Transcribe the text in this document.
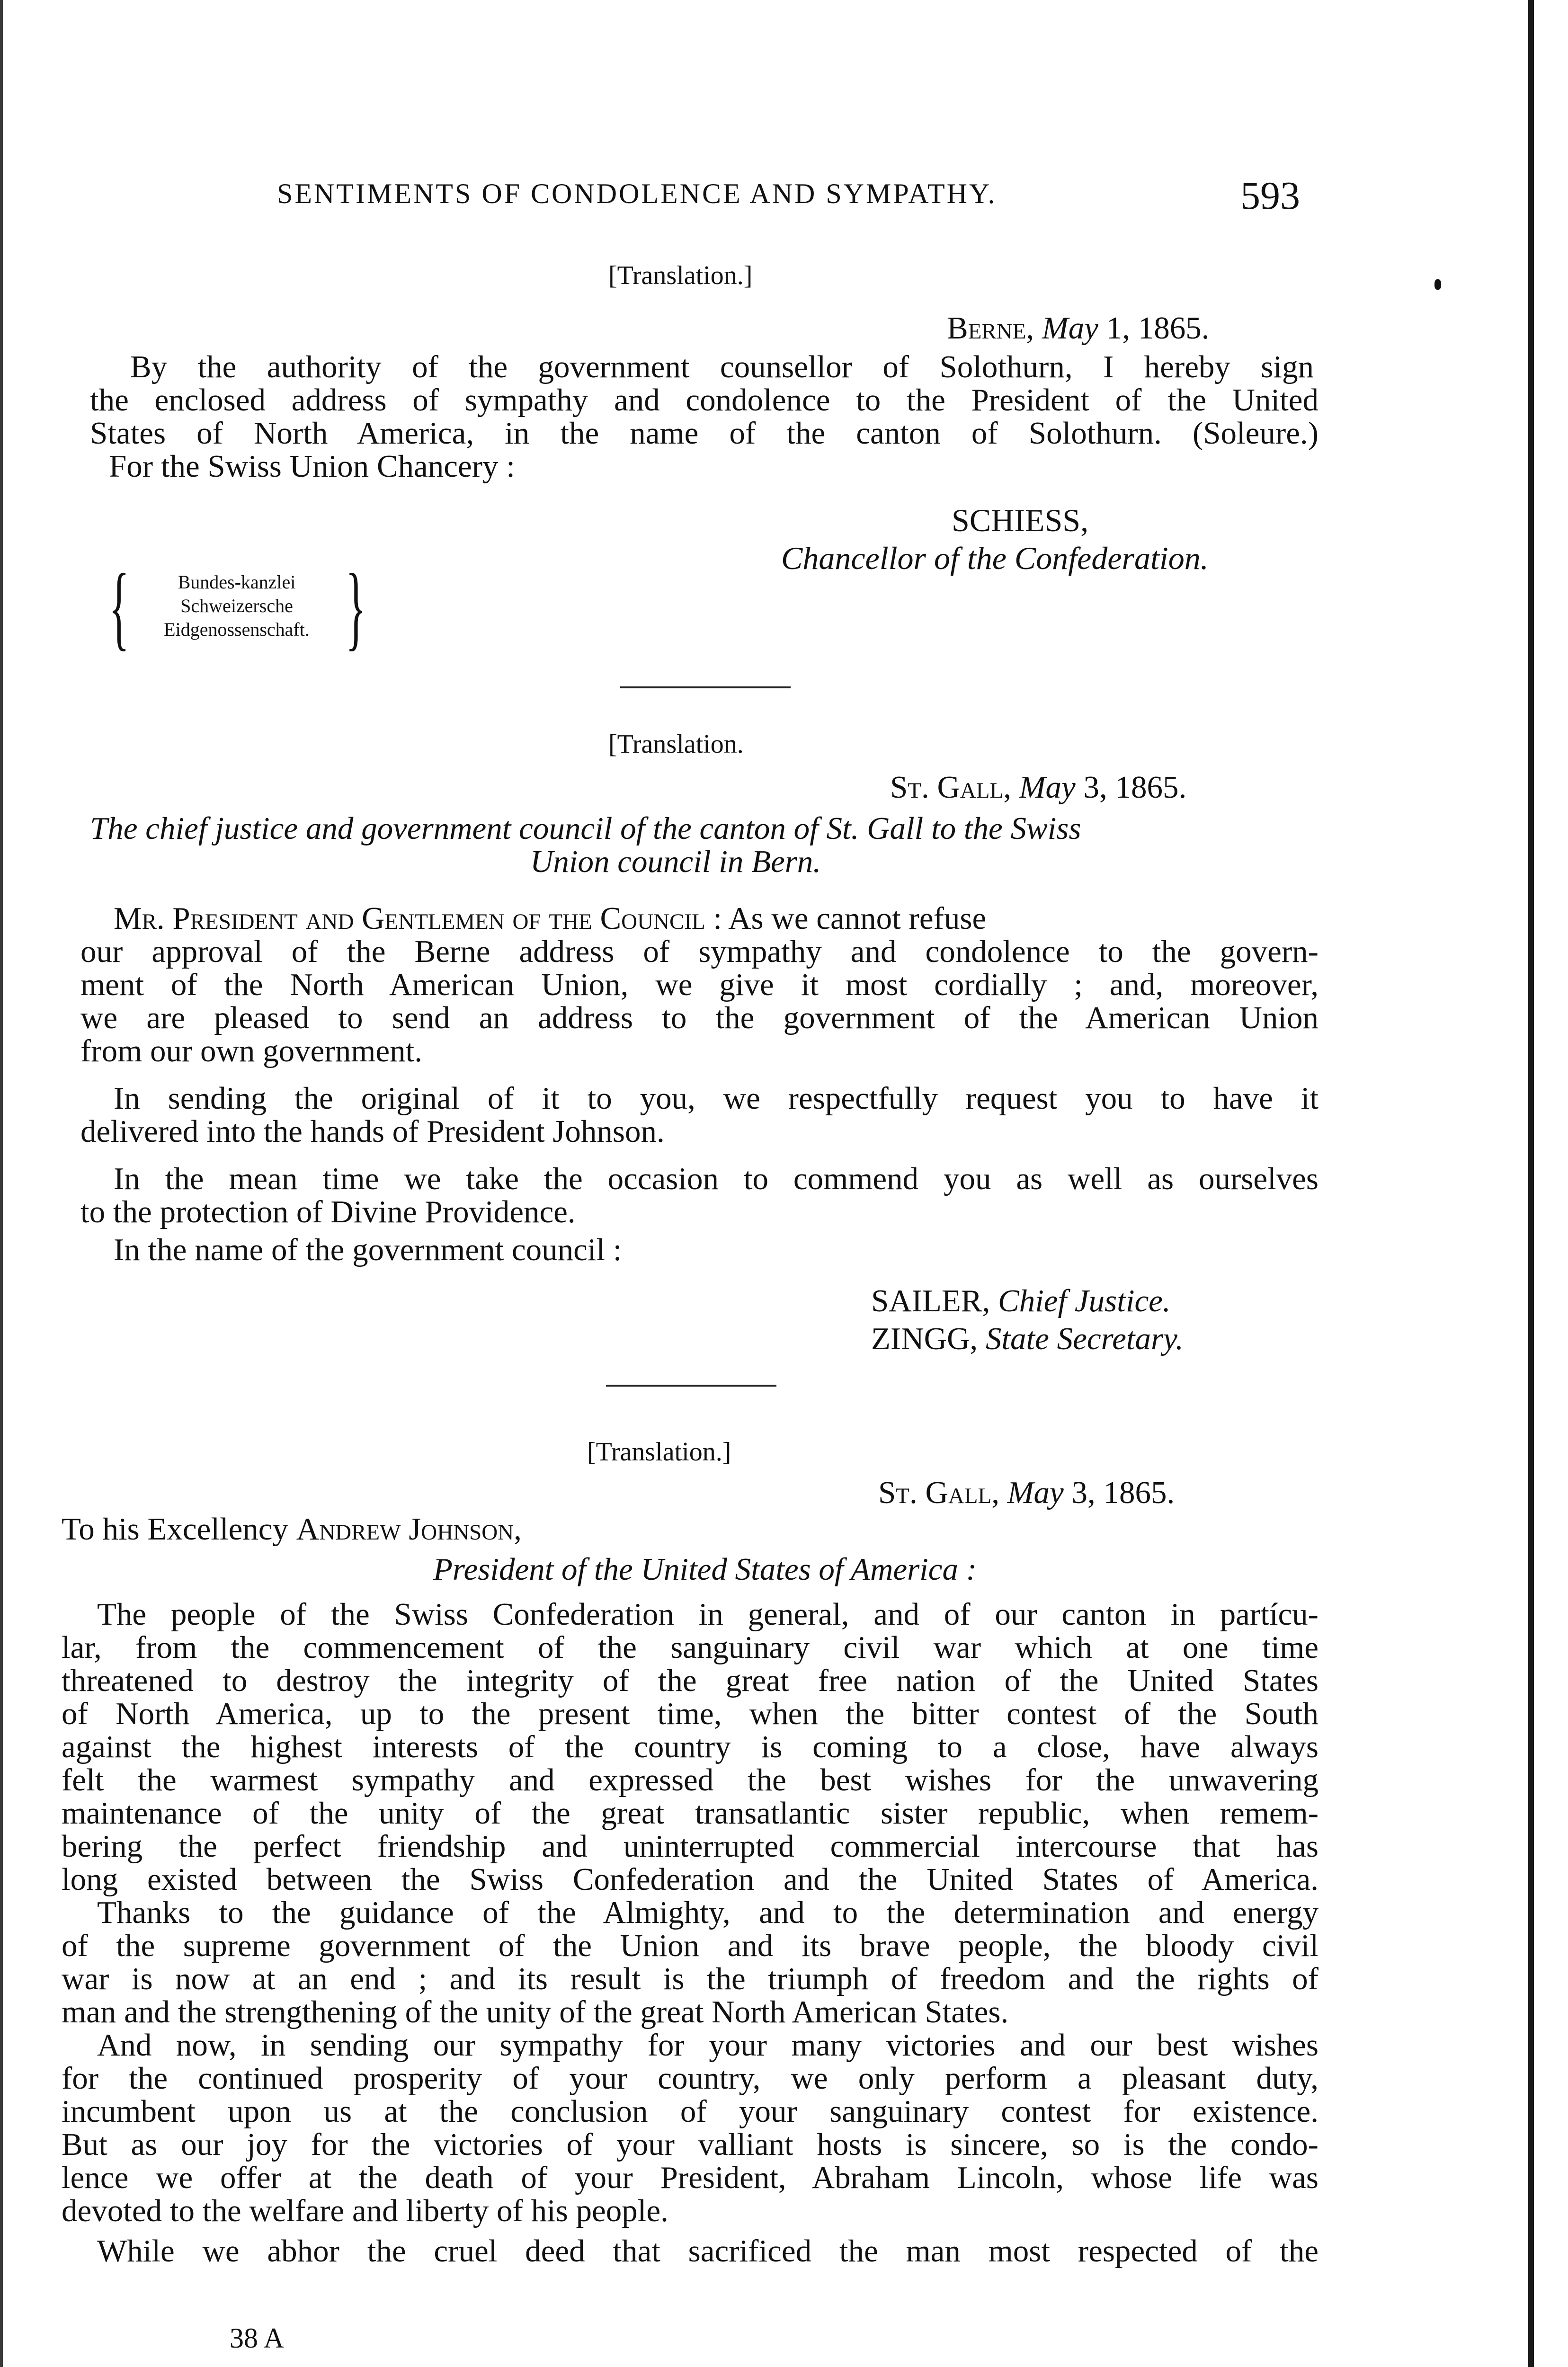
SENTIMENTS OF CONDOLENCE AND SYMPATHY.	593
[Translation.]
Berne, May 1, 1865.
By the authority of the government counsellor of Solothurn, I hereby sign
the enclosed address of sympathy and condolence to the President of the United
States of North America, in the name of the canton of Solothurn. (Soleure.)
For the Swiss Union Chancery :
SCHIESS,
Chancellor of the Confederation.
{ }
Bundes-kanzlei
Schweizersche
Eidgenossenschaft.
[Translation.
St. Gall, May 3, 1865.
The chief justice and government council of the canton of St. Gall to the Swiss
Union council in Bern.
Mr. President and Gentlemen of the Council : As we cannot refuse
our approval of the Berne address of sympathy and condolence to the govern-
ment of the North American Union, we give it most cordially ; and, moreover,
we are pleased to send an address to the government of the American Union
from our own government.
In sending the original of it to you, we respectfully request you to have it
delivered into the hands of President Johnson.
In the mean time we take the occasion to commend you as well as ourselves
to the protection of Divine Providence.
In the name of the government council :
SAILER, Chief Justice.
ZINGG, State Secretary.
[Translation.]
St. Gall, May 3, 1865.
To his Excellency Andrew Johnson,
President of the United States of America :
The people of the Swiss Confederation in general, and of our canton in partícu-
lar, from the commencement of the sanguinary civil war which at one time
threatened to destroy the integrity of the great free nation of the United States
of North America, up to the present time, when the bitter contest of the South
against the highest interests of the country is coming to a close, have always
felt the warmest sympathy and expressed the best wishes for the unwavering
maintenance of the unity of the great transatlantic sister republic, when remem-
bering the perfect friendship and uninterrupted commercial intercourse that has
long existed between the Swiss Confederation and the United States of America.
Thanks to the guidance of the Almighty, and to the determination and energy
of the supreme government of the Union and its brave people, the bloody civil
war is now at an end ; and its result is the triumph of freedom and the rights of
man and the strengthening of the unity of the great North American States.
And now, in sending our sympathy for your many victories and our best wishes
for the continued prosperity of your country, we only perform a pleasant duty,
incumbent upon us at the conclusion of your sanguinary contest for existence.
But as our joy for the victories of your valliant hosts is sincere, so is the condo-
lence we offer at the death of your President, Abraham Lincoln, whose life was
devoted to the welfare and liberty of his people.
While we abhor the cruel deed that sacrificed the man most respected of the
38 A
